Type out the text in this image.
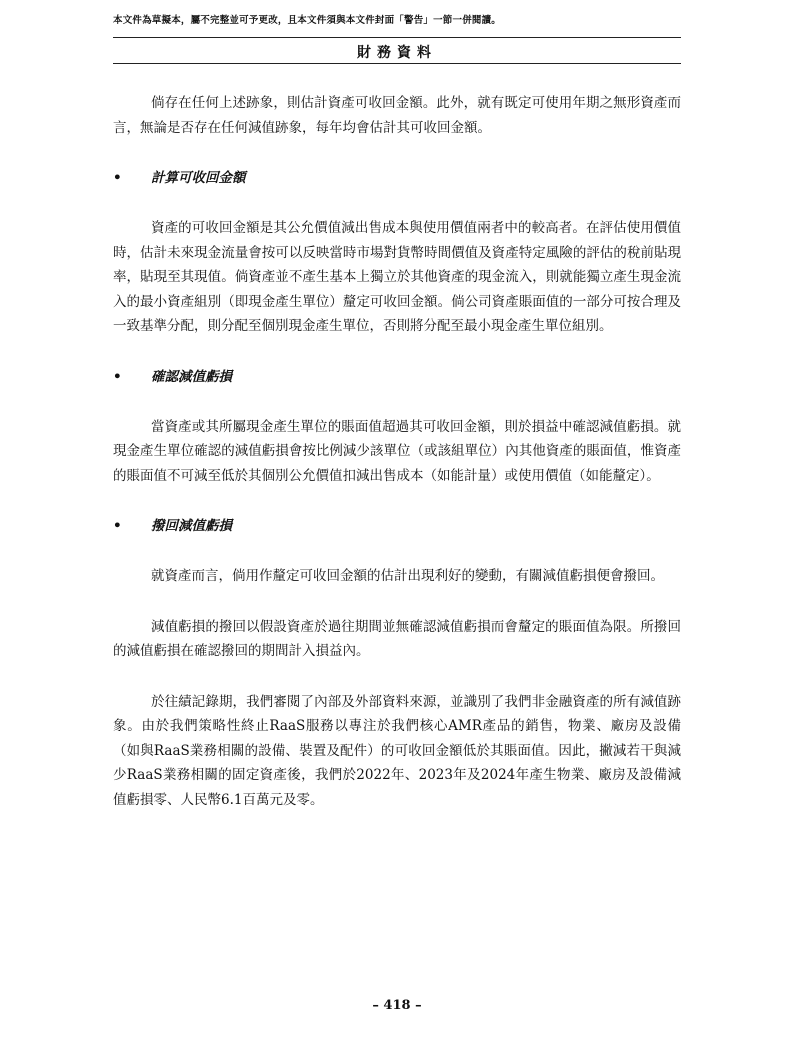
本文件為草擬本，屬不完整並可予更改，且本文件須與本文件封面「警告」一節一併閱讀。
財務資料

倘存在任何上述跡象，則估計資產可收回金額。此外，就有既定可使用年期之無形資產而言，無論是否存在任何減值跡象，每年均會估計其可收回金額。

• 計算可收回金額

資產的可收回金額是其公允價值減出售成本與使用價值兩者中的較高者。在評估使用價值時，估計未來現金流量會按可以反映當時市場對貨幣時間價值及資產特定風險的評估的稅前貼現率，貼現至其現值。倘資產並不產生基本上獨立於其他資產的現金流入，則就能獨立產生現金流入的最小資產組別（即現金產生單位）釐定可收回金額。倘公司資產賬面值的一部分可按合理及一致基準分配，則分配至個別現金產生單位，否則將分配至最小現金產生單位組別。

• 確認減值虧損

當資產或其所屬現金產生單位的賬面值超過其可收回金額，則於損益中確認減值虧損。就現金產生單位確認的減值虧損會按比例減少該單位（或該組單位）內其他資產的賬面值，惟資產的賬面值不可減至低於其個別公允價值扣減出售成本（如能計量）或使用價值（如能釐定）。

• 撥回減值虧損

就資產而言，倘用作釐定可收回金額的估計出現利好的變動，有關減值虧損便會撥回。

減值虧損的撥回以假設資產於過往期間並無確認減值虧損而會釐定的賬面值為限。所撥回的減值虧損在確認撥回的期間計入損益內。

於往績記錄期，我們審閱了內部及外部資料來源，並識別了我們非金融資產的所有減值跡象。由於我們策略性終止RaaS服務以專注於我們核心AMR產品的銷售，物業、廠房及設備（如與RaaS業務相關的設備、裝置及配件）的可收回金額低於其賬面值。因此，撇減若干與減少RaaS業務相關的固定資產後，我們於2022年、2023年及2024年產生物業、廠房及設備減值虧損零、人民幣6.1百萬元及零。

– 418 –
